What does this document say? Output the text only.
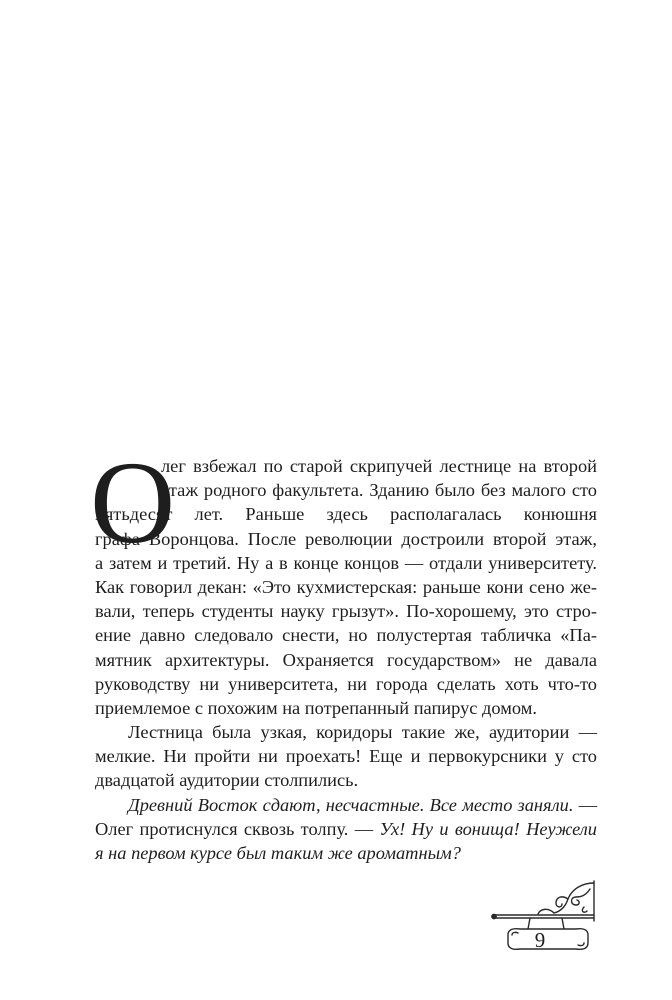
О
лег взбежал по старой скрипучей лестнице на второй
этаж родного факультета. Зданию было без малого сто
пятьдесят лет. Раньше здесь располагалась конюшня
графа Воронцова. После революции достроили второй этаж,
а затем и третий. Ну а в конце концов — отдали университету.
Как говорил декан: «Это кухмистерская: раньше кони сено же-
вали, теперь студенты науку грызут». По-хорошему, это стро-
ение давно следовало снести, но полустертая табличка «Па-
мятник архитектуры. Охраняется государством» не давала
руководству ни университета, ни города сделать хоть что-то
приемлемое с похожим на потрепанный папирус домом.
Лестница была узкая, коридоры такие же, аудитории —
мелкие. Ни пройти ни проехать! Еще и первокурсники у сто
двадцатой аудитории столпились.
Древний Восток сдают, несчастные. Все место заняли. —
Олег протиснулся сквозь толпу. — Ух! Ну и вонища! Неужели
я на первом курсе был таким же ароматным?
9
